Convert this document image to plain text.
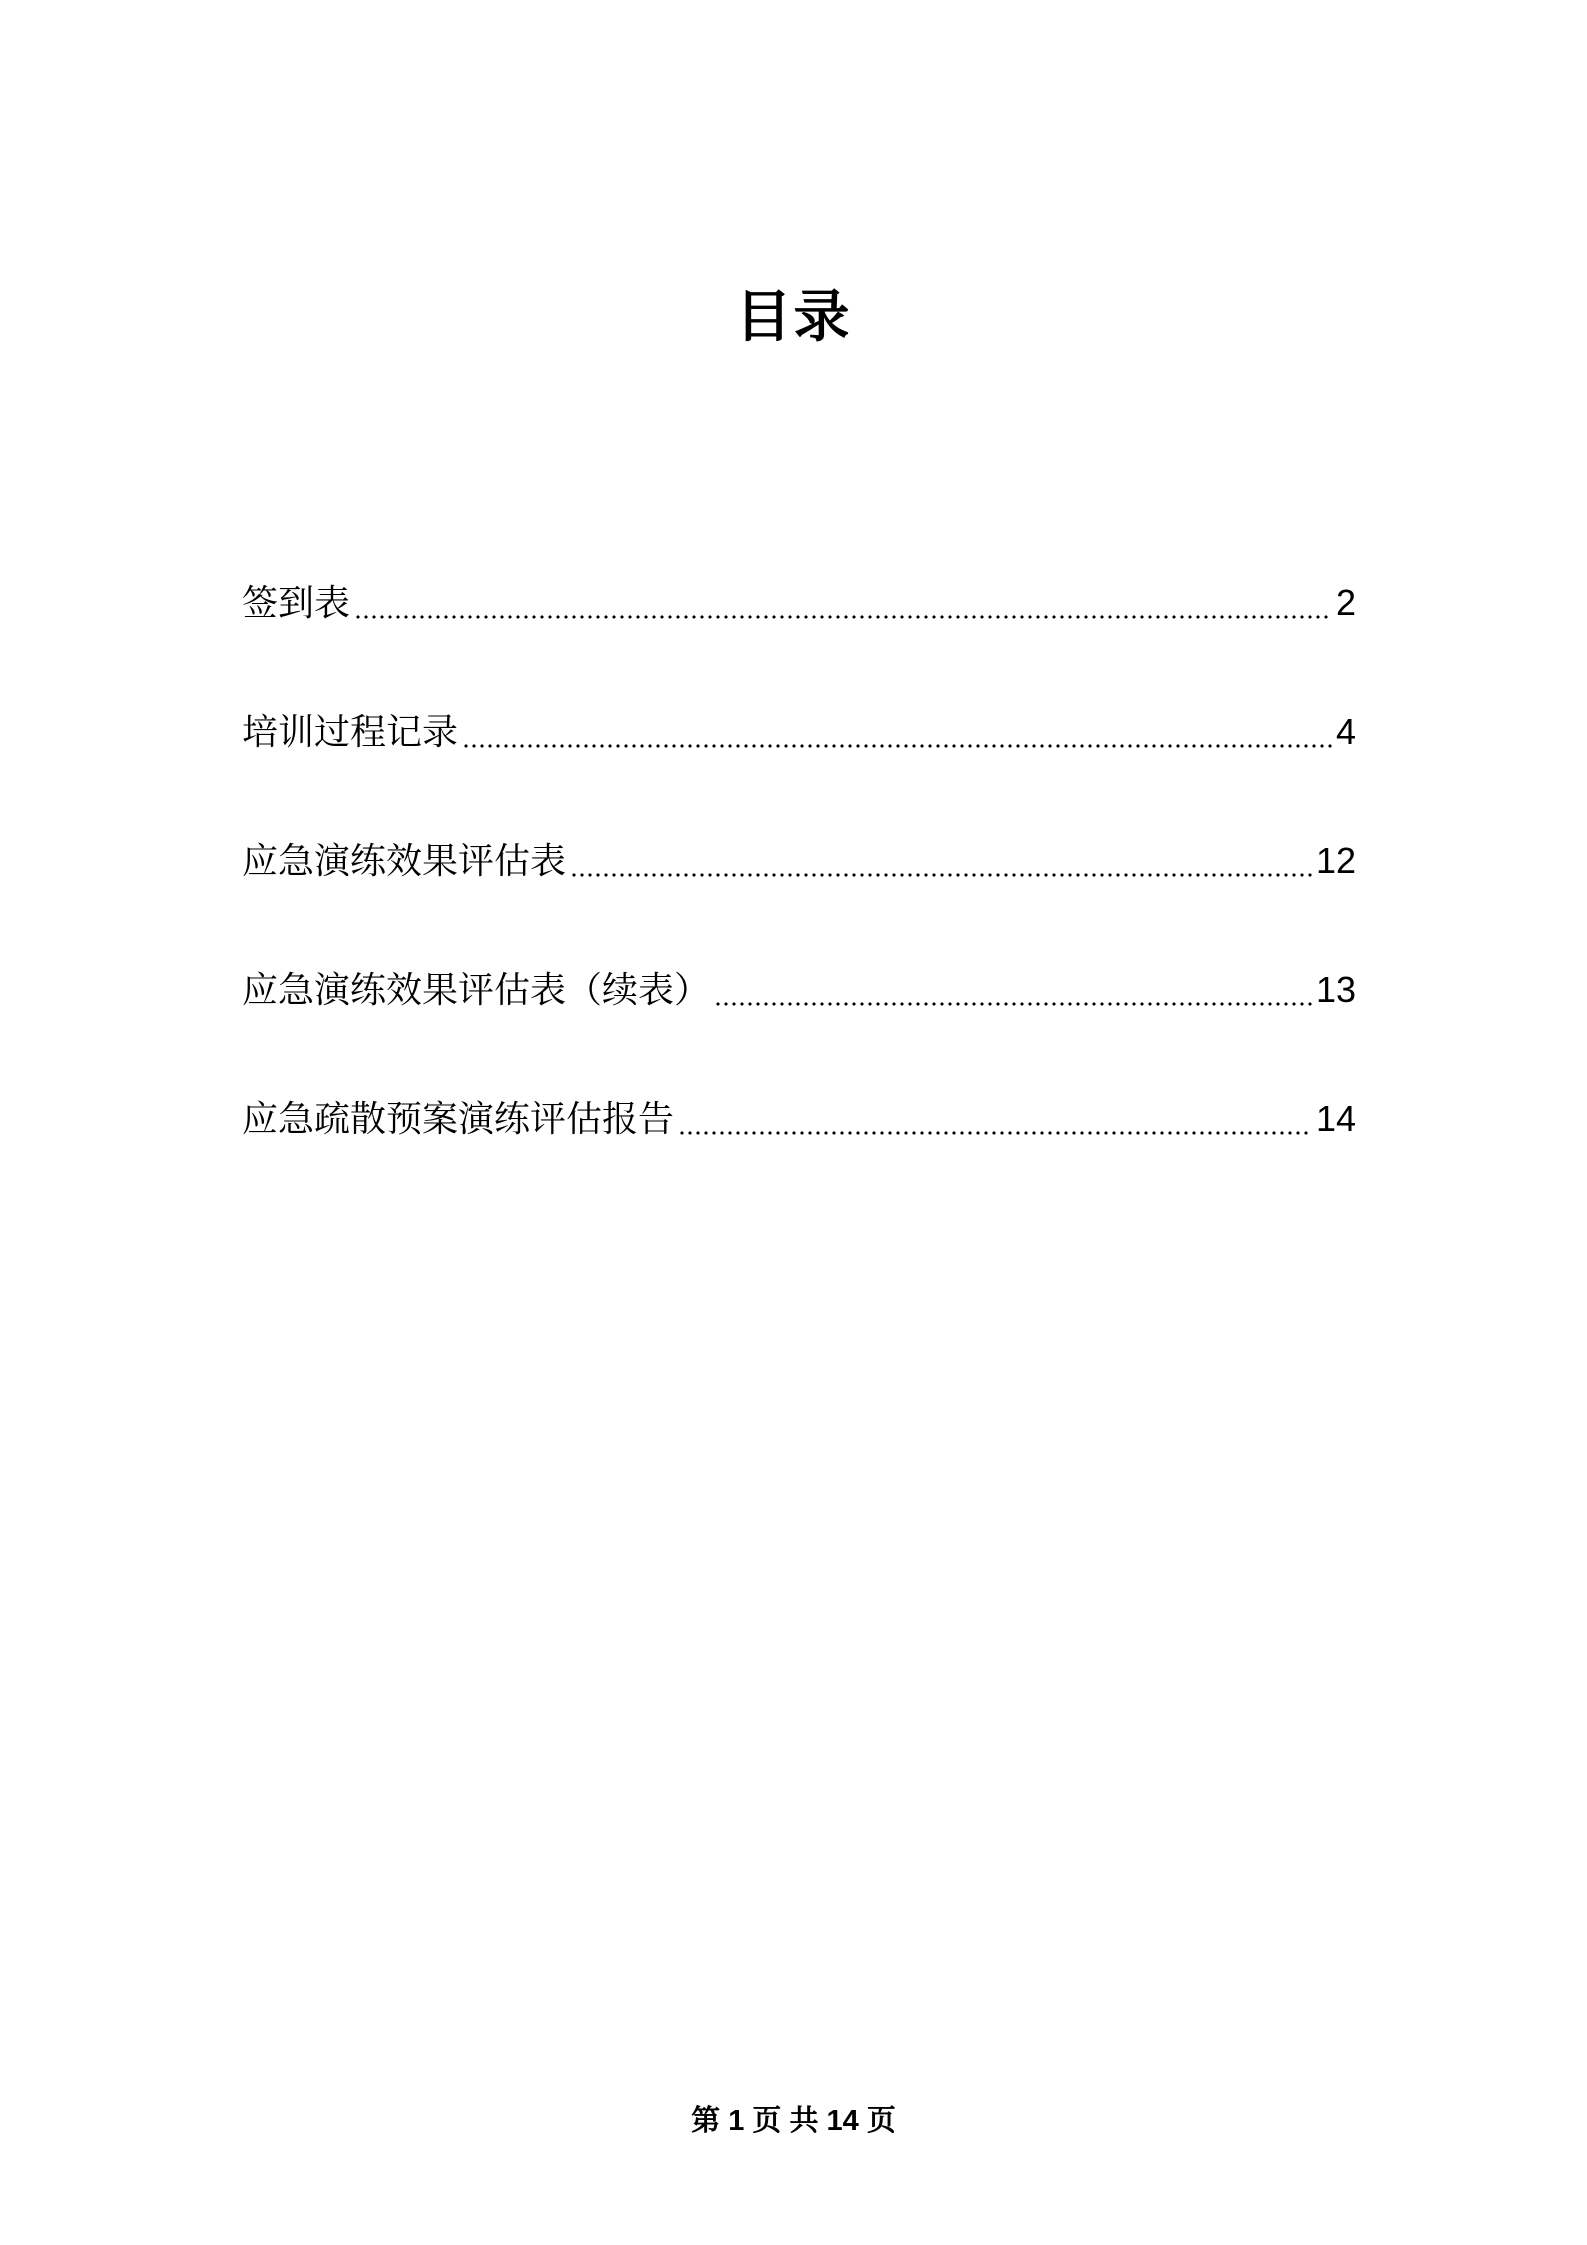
目录
签到表	2
培训过程记录	4
应急演练效果评估表	12
应急演练效果评估表（续表）	13
应急疏散预案演练评估报告	14
第 1 页 共 14 页
